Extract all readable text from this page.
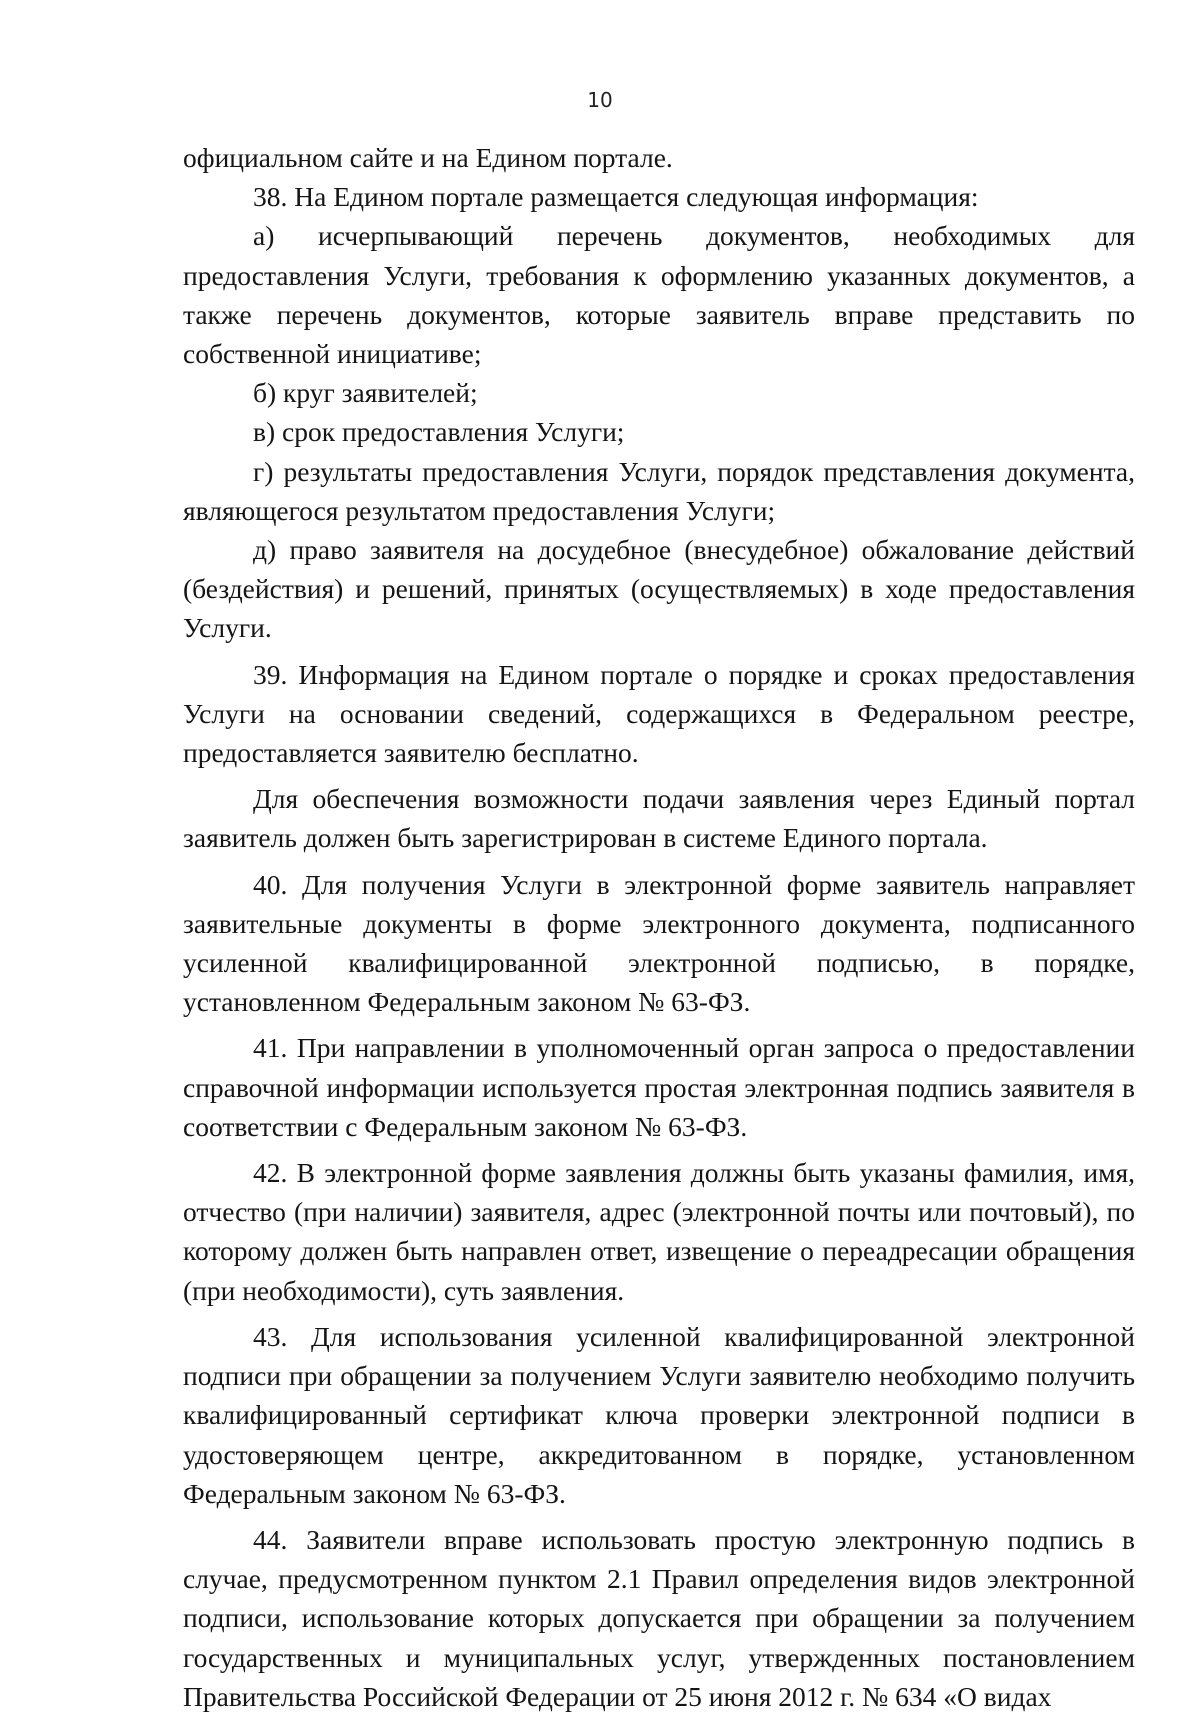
10

официальном сайте и на Едином портале.

38. На Едином портале размещается следующая информация:

а) исчерпывающий перечень документов, необходимых для предоставления Услуги, требования к оформлению указанных документов, а также перечень документов, которые заявитель вправе представить по собственной инициативе;

б) круг заявителей;

в) срок предоставления Услуги;

г) результаты предоставления Услуги, порядок представления документа, являющегося результатом предоставления Услуги;

д) право заявителя на досудебное (внесудебное) обжалование действий (бездействия) и решений, принятых (осуществляемых) в ходе предоставления Услуги.

39. Информация на Едином портале о порядке и сроках предоставления Услуги на основании сведений, содержащихся в Федеральном реестре, предоставляется заявителю бесплатно.

Для обеспечения возможности подачи заявления через Единый портал заявитель должен быть зарегистрирован в системе Единого портала.

40. Для получения Услуги в электронной форме заявитель направляет заявительные документы в форме электронного документа, подписанного усиленной квалифицированной электронной подписью, в порядке, установленном Федеральным законом № 63-ФЗ.

41. При направлении в уполномоченный орган запроса о предоставлении справочной информации используется простая электронная подпись заявителя в соответствии с Федеральным законом № 63-ФЗ.

42. В электронной форме заявления должны быть указаны фамилия, имя, отчество (при наличии) заявителя, адрес (электронной почты или почтовый), по которому должен быть направлен ответ, извещение о переадресации обращения (при необходимости), суть заявления.

43. Для использования усиленной квалифицированной электронной подписи при обращении за получением Услуги заявителю необходимо получить квалифицированный сертификат ключа проверки электронной подписи в удостоверяющем центре, аккредитованном в порядке, установленном Федеральным законом № 63-ФЗ.

44. Заявители вправе использовать простую электронную подпись в случае, предусмотренном пунктом 2.1 Правил определения видов электронной подписи, использование которых допускается при обращении за получением государственных и муниципальных услуг, утвержденных постановлением Правительства Российской Федерации от 25 июня 2012 г. № 634 «О видах
